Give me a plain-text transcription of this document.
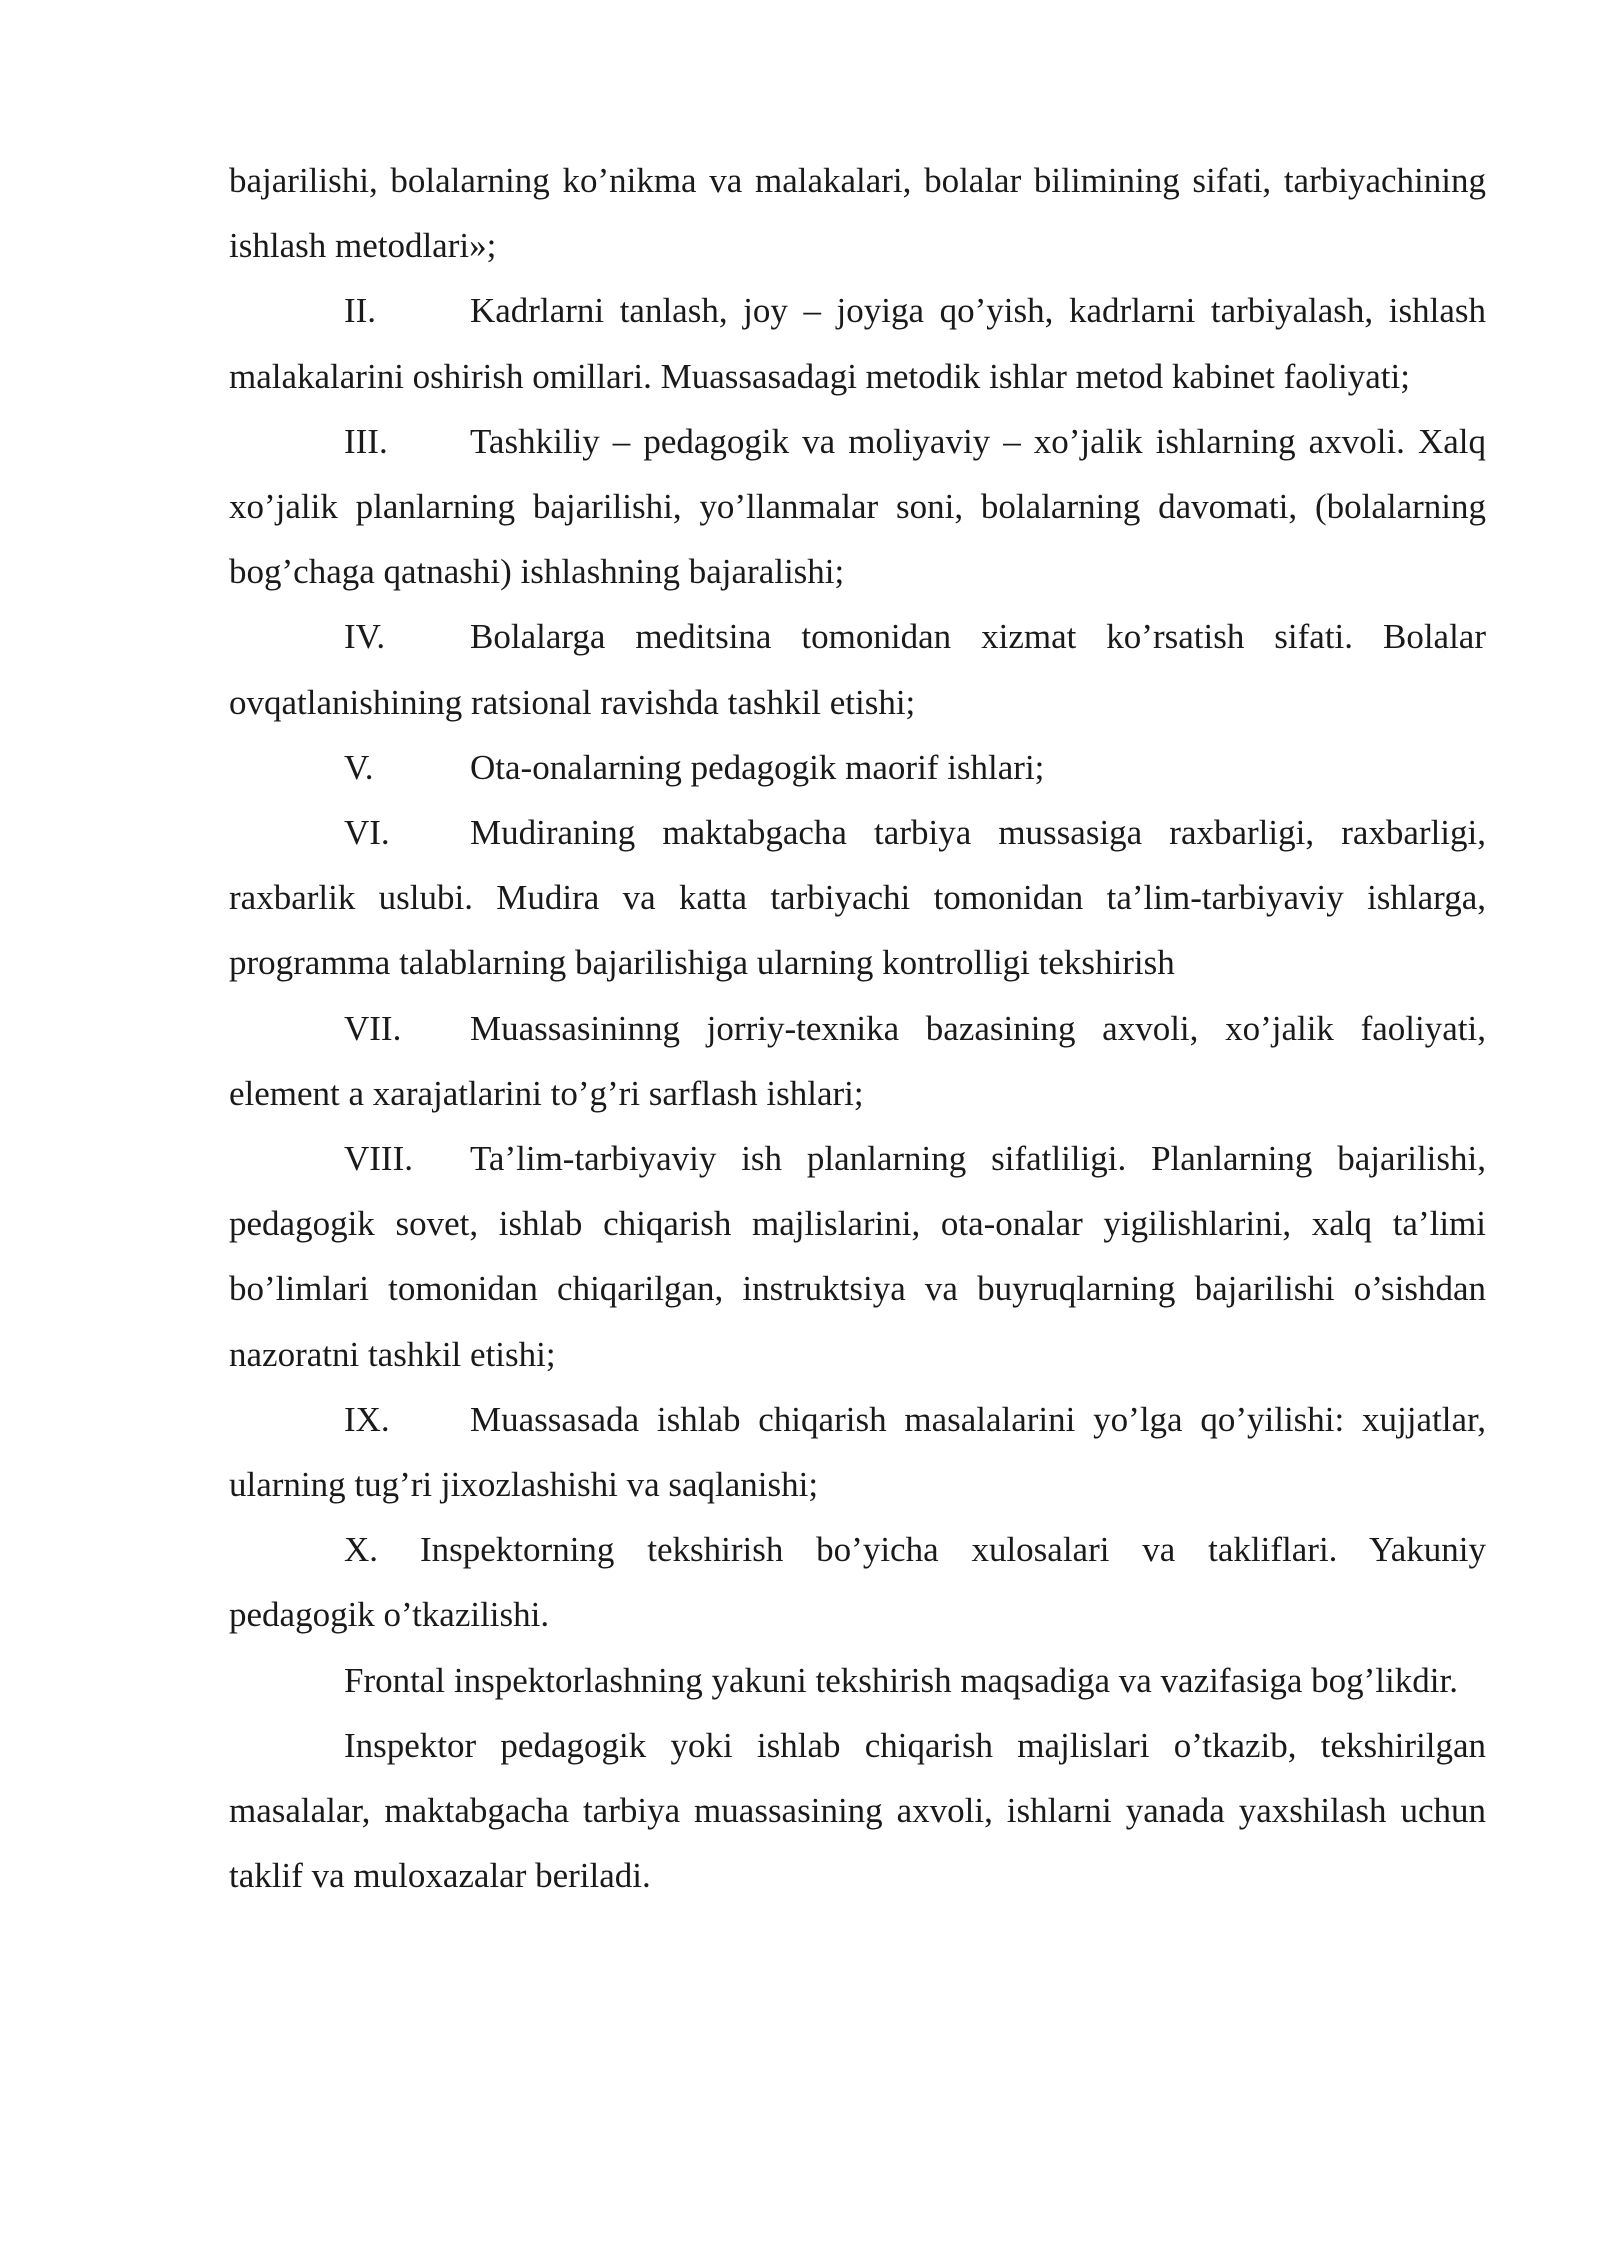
bajarilishi, bolalarning ko’nikma va malakalari, bolalar bilimining sifati, tarbiyachining ishlash metodlari»;

II.	Kadrlarni tanlash, joy – joyiga qo’yish, kadrlarni tarbiyalash, ishlash malakalarini oshirish omillari. Muassasadagi metodik ishlar metod kabinet faoliyati;

III. Tashkiliy – pedagogik va moliyaviy – xo’jalik ishlarning axvoli. Xalq xo’jalik planlarning bajarilishi, yo’llanmalar soni, bolalarning davomati, (bolalarning bog’chaga qatnashi) ishlashning bajaralishi;

IV. Bolalarga meditsina tomonidan xizmat ko’rsatish sifati. Bolalar ovqatlanishining ratsional ravishda tashkil etishi;

V.	Ota-onalarning pedagogik maorif ishlari;

VI. Mudiraning maktabgacha tarbiya mussasiga raxbarligi, raxbarligi, raxbarlik uslubi. Mudira va katta tarbiyachi tomonidan ta’lim-tarbiyaviy ishlarga, programma talablarning bajarilishiga ularning kontrolligi tekshirish

VII. Muassasininng jorriy-texnika bazasining axvoli, xo’jalik faoliyati, element a xarajatlarini to’g’ri sarflash ishlari;

VIII. Ta’lim-tarbiyaviy ish planlarning sifatliligi. Planlarning bajarilishi, pedagogik sovet, ishlab chiqarish majlislarini, ota-onalar yigilishlarini, xalq ta’limi bo’limlari tomonidan chiqarilgan, instruktsiya va buyruqlarning bajarilishi o’sishdan nazoratni tashkil etishi;

IX. Muassasada ishlab chiqarish masalalarini yo’lga qo’yilishi: xujjatlar, ularning tug’ri jixozlashishi va saqlanishi;

X. Inspektorning tekshirish bo’yicha xulosalari va takliflari. Yakuniy pedagogik o’tkazilishi.

Frontal inspektorlashning yakuni tekshirish maqsadiga va vazifasiga bog’likdir.

Inspektor pedagogik yoki ishlab chiqarish majlislari o’tkazib, tekshirilgan masalalar, maktabgacha tarbiya muassasining axvoli, ishlarni yanada yaxshilash uchun taklif va muloxazalar beriladi.
